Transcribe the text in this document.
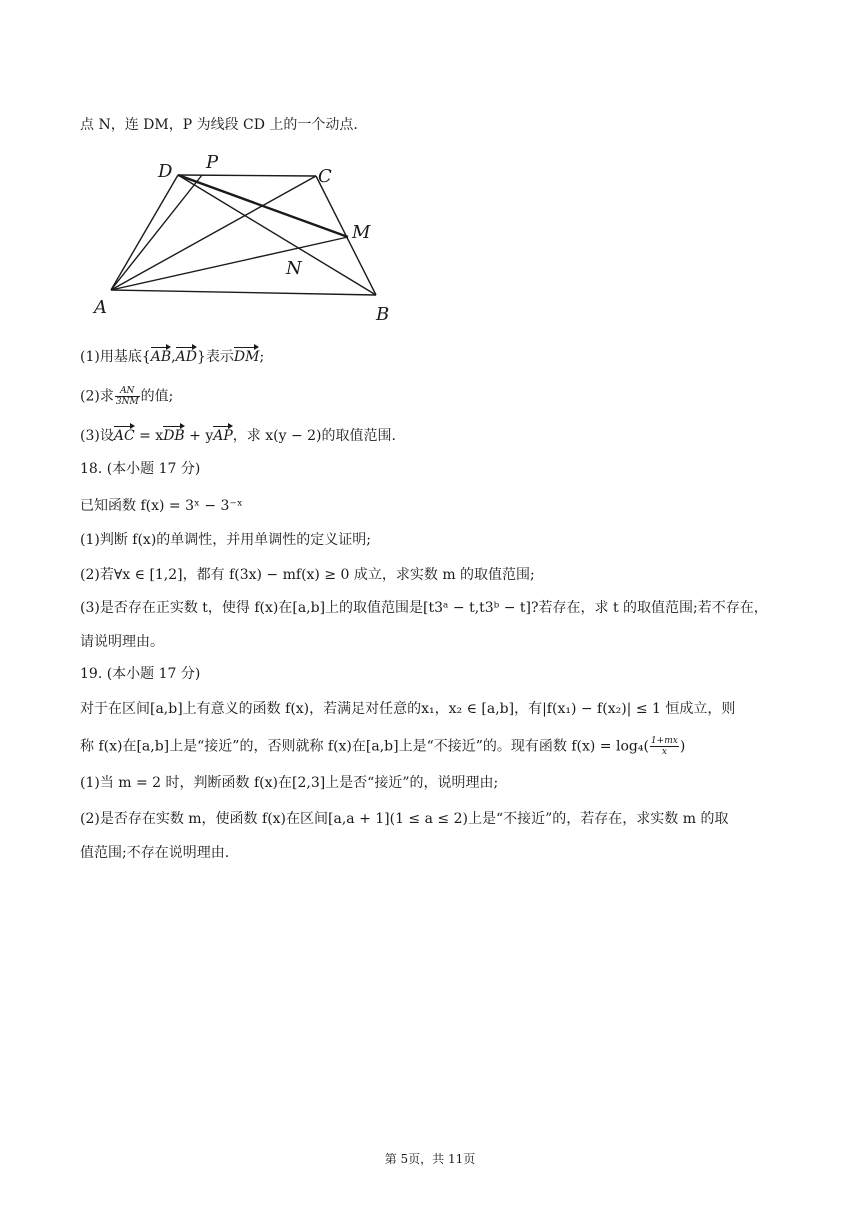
点 N，连 DM，P 为线段 CD 上的一个动点.
D P
C
M
N
A	B
(1)用基底{AB,AD}表示DM;
(2)求 $\frac{AN}{3NM}$ 的值;
(3)设AC = xDB + yAP，求 x(y − 2)的取值范围.
18. (本小题 17 分)
已知函数 f(x) = 3ˣ − 3⁻ˣ
(1)判断 f(x)的单调性，并用单调性的定义证明;
(2)若∀x ∈ [1,2]，都有 f(3x) − mf(x) ≥ 0 成立，求实数 m 的取值范围;
(3)是否存在正实数 t，使得 f(x)在[a,b]上的取值范围是[t3ᵃ − t,t3ᵇ − t]?若存在，求 t 的取值范围;若不存在，
请说明理由。
19. (本小题 17 分)
对于在区间[a,b]上有意义的函数 f(x)，若满足对任意的x₁，x₂ ∈ [a,b]，有|f(x₁) − f(x₂)| ≤ 1 恒成立，则
称 f(x)在[a,b]上是“接近”的，否则就称 f(x)在[a,b]上是“不接近”的。现有函数 $f(x) = \log_4( \frac{1+mx}{x}$ )
(1)当 m = 2 时，判断函数 f(x)在[2,3]上是否“接近”的，说明理由;
(2)是否存在实数 m，使函数 f(x)在区间[a,a + 1](1 ≤ a ≤ 2)上是“不接近”的，若存在，求实数 m 的取
值范围;不存在说明理由.
第 5页，共 11页
